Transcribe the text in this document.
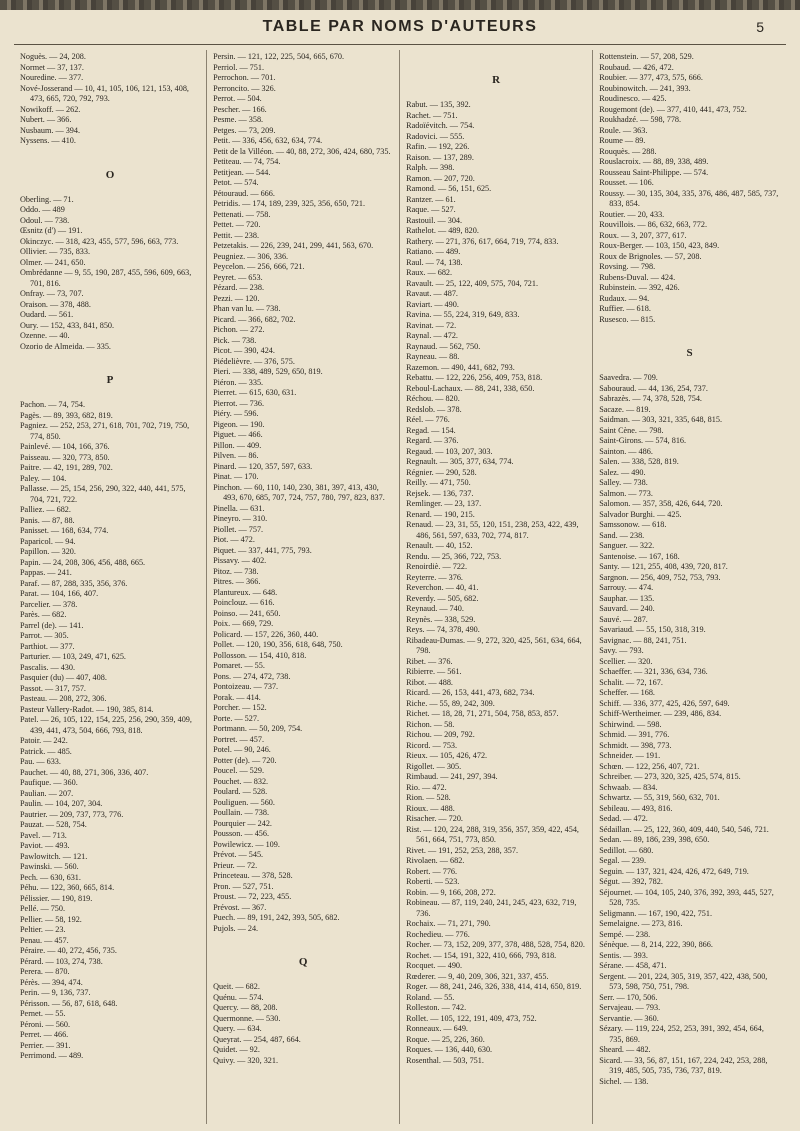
TABLE PAR NOMS D'AUTEURS	5

Noguès. — 24, 208.

Normet — 37, 137.

Nouredine. — 377.

Nové-Josserand — 10, 41, 105, 106, 121, 153, 408, 473, 665, 720, 792, 793.

Nowikoff. — 262.

Nubert. — 366.

Nusbaum. — 394.

Nyssens. — 410.

O

Oberling. — 71.

Oddo. — 489

Odoul. — 738.

Œsnitz (d') — 191.

Okinczyc. — 318, 423, 455, 577, 596, 663, 773.

Ollivier. — 735, 833.

Olmer. — 241, 650.

Ombrédanne — 9, 55, 190, 287, 455, 596, 609, 663, 701, 816.

Onfray. — 73, 707.

Oraison. — 378, 488.

Oudard. — 561.

Oury. — 152, 433, 841, 850.

Ozenne. — 40.

Ozorio de Almeida. — 335.

P

Pachon. — 74, 754.

Pagès. — 89, 393, 682, 819.

Pagniez. — 252, 253, 271, 618, 701, 702, 719, 750, 774, 850.

Painlevé. — 104, 166, 376.

Paisseau. — 320, 773, 850.

Paitre. — 42, 191, 289, 702.

Paley. — 104.

Pallasse. — 25, 154, 256, 290, 322, 440, 441, 575, 704, 721, 722.

Palliez. — 682.

Panis. — 87, 88.

Panisset. — 168, 634, 774.

Paparicol. — 94.

Papillon. — 320.

Papin. — 24, 208, 306, 456, 488, 665.

Pappas. — 241.

Paraf. — 87, 288, 335, 356, 376.

Parat. — 104, 166, 407.

Parcelier. — 378.

Parès. — 682.

Parrel (de). — 141.

Parrot. — 305.

Parthiot. — 377.

Parturier. — 103, 249, 471, 625.

Pascalis. — 430.

Pasquier (du) — 407, 408.

Passot. — 317, 757.

Pasteau. — 208, 272, 306.

Pasteur Vallery-Radot. — 190, 385, 814.

Patel. — 26, 105, 122, 154, 225, 256, 290, 359, 409, 439, 441, 473, 504, 666, 793, 818.

Patoir. — 242.

Patrick. — 485.

Pau. — 633.

Pauchet. — 40, 88, 271, 306, 336, 407.

Paufique. — 360.

Paulian. — 207.

Paulin. — 104, 207, 304.

Pautrier. — 209, 737, 773, 776.

Pauzat. — 528, 754.

Pavel. — 713.

Paviot. — 493.

Pawlowitch. — 121.

Pawinski. — 560.

Pech. — 630, 631.

Péhu. — 122, 360, 665, 814.

Pélissier. — 190, 819.

Pellé. — 750.

Pellier. — 58, 192.

Peltier. — 23.

Penau. — 457.

Péraire. — 40, 272, 456, 735.

Pérard. — 103, 274, 738.

Perera. — 870.

Pérès. — 394, 474.

Perin. — 9, 136, 737.

Périsson. — 56, 87, 618, 648.

Pernet. — 55.

Péroni. — 560.

Perret. — 466.

Perrier. — 391.

Perrimond. — 489.

Persin. — 121, 122, 225, 504, 665, 670.

Perriol. — 751.

Perrochon. — 701.

Perroncito. — 326.

Perrot. — 504.

Pescher. — 166.

Pesme. — 358.

Petges. — 73, 209.

Petit. — 336, 456, 632, 634, 774.

Petit de la Villéon. — 40, 88, 272, 306, 424, 680, 735.

Petiteau. — 74, 754.

Petitjean. — 544.

Petot. — 574.

Pétouraud. — 666.

Petridis. — 174, 189, 239, 325, 356, 650, 721.

Pettenati. — 758.

Pettet. — 720.

Pettit. — 238.

Petzetakis. — 226, 239, 241, 299, 441, 563, 670.

Peugniez. — 306, 336.

Peycelon. — 256, 666, 721.

Peyret. — 653.

Pézard. — 238.

Pezzi. — 120.

Phan van lu. — 738.

Picard. — 366, 682, 702.

Pichon. — 272.

Pick. — 738.

Picot. — 390, 424.

Piédelièvre. — 376, 575.

Pieri. — 338, 489, 529, 650, 819.

Piéron. — 335.

Pierret. — 615, 630, 631.

Pierrot. — 736.

Piéry. — 596.

Pigeon. — 190.

Piguet. — 466.

Pillon. — 409.

Pilven. — 86.

Pinard. — 120, 357, 597, 633.

Pinat. — 170.

Pinchon. — 60, 110, 140, 230, 381, 397, 413, 430, 493, 670, 685, 707, 724, 757, 780, 797, 823, 837.

Pinella. — 631.

Pineyro. — 310.

Piollet. — 757.

Piot. — 472.

Piquet. — 337, 441, 775, 793.

Pissavy. — 402.

Pitoz. — 738.

Pitres. — 366.

Plantureux. — 648.

Poinclouz. — 616.

Poinso. — 241, 650.

Poix. — 669, 729.

Policard. — 157, 226, 360, 440.

Pollet. — 120, 190, 356, 618, 648, 750.

Pollosson. — 154, 410, 818.

Pomaret. — 55.

Pons. — 274, 472, 738.

Pontoizeau. — 737.

Porak. — 414.

Porcher. — 152.

Porte. — 527.

Portmann. — 50, 209, 754.

Portret. — 457.

Potel. — 90, 246.

Potter (de). — 720.

Poucel. — 529.

Pouchet. — 832.

Poulard. — 528.

Pouliguen. — 560.

Poullain. — 738.

Pourquier — 242.

Pousson. — 456.

Powilewicz. — 109.

Prévot. — 545.

Prieur. — 72.

Princeteau. — 378, 528.

Pron. — 527, 751.

Proust. — 72, 223, 455.

Prévost. — 367.

Puech. — 89, 191, 242, 393, 505, 682.

Pujols. — 24.

Q

Queit. — 682.

Quénu. — 574.

Quercy. — 88, 208.

Quermonne. — 530.

Query. — 634.

Queyrat. — 254, 487, 664.

Quidet. — 92.

Quivy. — 320, 321.

R

Rabut. — 135, 392.

Rachet. — 751.

Radoïévitch. — 754.

Radovici. — 555.

Rafin. — 192, 226.

Raison. — 137, 289.

Ralph. — 398.

Ramon. — 207, 720.

Ramond. — 56, 151, 625.

Rantzer. — 61.

Raque. — 527.

Rastouil. — 304.

Rathelot. — 489, 820.

Rathery. — 271, 376, 617, 664, 719, 774, 833.

Ratiano. — 489.

Raul. — 74, 138.

Raux. — 682.

Ravault. — 25, 122, 409, 575, 704, 721.

Ravaut. — 487.

Raviart. — 490.

Ravina. — 55, 224, 319, 649, 833.

Ravinat. — 72.

Raynal. — 472.

Raynaud. — 562, 750.

Rayneau. — 88.

Razemon. — 490, 441, 682, 793.

Rebattu. — 122, 226, 256, 409, 753, 818.

Reboul-Lachaux. — 88, 241, 338, 650.

Réchou. — 820.

Redslob. — 378.

Réel. — 776.

Regad. — 154.

Regard. — 376.

Regaud. — 103, 207, 303.

Regnault. — 305, 377, 634, 774.

Régnier. — 290, 528.

Reilly. — 471, 750.

Rejsek. — 136, 737.

Remlinger. — 23, 137.

Renard. — 190, 215.

Renaud. — 23, 31, 55, 120, 151, 238, 253, 422, 439, 486, 561, 597, 633, 702, 774, 817.

Renault. — 40, 152.

Rendu. — 25, 366, 722, 753.

Renoirdiè. — 722.

Reyterre. — 376.

Reverchon. — 40, 41.

Reverdy. — 505, 682.

Reynaud. — 740.

Reynès. — 338, 529.

Reys. — 74, 378, 490.

Ribadeau-Dumas. — 9, 272, 320, 425, 561, 634, 664, 798.

Ribet. — 376.

Ribierre. — 561.

Ribot. — 488.

Ricard. — 26, 153, 441, 473, 682, 734.

Riche. — 55, 89, 242, 309.

Richet. — 18, 28, 71, 271, 504, 758, 853, 857.

Richon. — 58.

Richou. — 209, 792.

Ricord. — 753.

Rieux. — 105, 426, 472.

Rigollet. — 305.

Rimbaud. — 241, 297, 394.

Rio. — 472.

Rion. — 528.

Rioux. — 488.

Risacher. — 720.

Rist. — 120, 224, 288, 319, 356, 357, 359, 422, 454, 561, 664, 751, 773, 850.

Rivet. — 191, 252, 253, 288, 357.

Rivolaen. — 682.

Robert. — 776.

Roberti. — 523.

Robin. — 9, 166, 208, 272.

Robineau. — 87, 119, 240, 241, 245, 423, 632, 719, 736.

Rochaix. — 71, 271, 790.

Rochedieu. — 776.

Rocher. — 73, 152, 209, 377, 378, 488, 528, 754, 820.

Rochet. — 154, 191, 322, 410, 666, 793, 818.

Rocquet. — 490.

Rœderer. — 9, 40, 209, 306, 321, 337, 455.

Roger. — 88, 241, 246, 326, 338, 414, 414, 650, 819.

Roland. — 55.

Rolleston. — 742.

Rollet. — 105, 122, 191, 409, 473, 752.

Ronneaux. — 649.

Roque. — 25, 226, 360.

Roques. — 136, 440, 630.

Rosenthal. — 503, 751.

Rottenstein. — 57, 208, 529.

Roubaud. — 426, 472.

Roubier. — 377, 473, 575, 666.

Roubinowitch. — 241, 393.

Roudinesco. — 425.

Rougemont (de). — 377, 410, 441, 473, 752.

Roukhadzé. — 598, 778.

Roule. — 363.

Roume — 89.

Rouquès. — 288.

Rouslacroix. — 88, 89, 338, 489.

Rousseau Saint-Philippe. — 574.

Rousset. — 106.

Roussy. — 30, 135, 304, 335, 376, 486, 487, 585, 737, 833, 854.

Routier. — 20, 433.

Rouvillois. — 86, 632, 663, 772.

Roux. — 3, 207, 377, 617.

Roux-Berger. — 103, 150, 423, 849.

Roux de Brignoles. — 57, 208.

Rovsing. — 798.

Rubens-Duval. — 424.

Rubinstein. — 392, 426.

Rudaux. — 94.

Ruffier. — 618.

Rusesco. — 815.

S

Saavedra. — 709.

Sabouraud. — 44, 136, 254, 737.

Sabrazès. — 74, 378, 528, 754.

Sacaze. — 819.

Saidman. — 303, 321, 335, 648, 815.

Saint Cène. — 798.

Saint-Girons. — 574, 816.

Sainton. — 486.

Salen. — 338, 528, 819.

Salez. — 490.

Salley. — 738.

Salmon. — 773.

Salomon. — 357, 358, 426, 644, 720.

Salvador Burghi. — 425.

Samssonow. — 618.

Sand. — 238.

Sanguer. — 322.

Santenoise. — 167, 168.

Santy. — 121, 255, 408, 439, 720, 817.

Sargnon. — 256, 409, 752, 753, 793.

Sarrouy. — 474.

Sauphar. — 135.

Sauvard. — 240.

Sauvé. — 287.

Savariaud. — 55, 150, 318, 319.

Savignac. — 88, 241, 751.

Savy. — 793.

Scellier. — 320.

Schaeffer. — 321, 336, 634, 736.

Schalit. — 72, 167.

Scheffer. — 168.

Schiff. — 336, 377, 425, 426, 597, 649.

Schiff-Wertheimer. — 239, 486, 834.

Schirwind. — 598.

Schmid. — 391, 776.

Schmidt. — 398, 773.

Schneider. — 191.

Schœn. — 122, 256, 407, 721.

Schreiber. — 273, 320, 325, 425, 574, 815.

Schwaab. — 834.

Schwartz. — 55, 319, 560, 632, 701.

Sebileau. — 493, 816.

Sedad. — 472.

Sédaillan. — 25, 122, 360, 409, 440, 540, 546, 721.

Sedan. — 89, 186, 239, 398, 650.

Sedillot. — 680.

Segal. — 239.

Seguin. — 137, 321, 424, 426, 472, 649, 719.

Ségut. — 392, 782.

Séjournet. — 104, 105, 240, 376, 392, 393, 445, 527, 528, 735.

Seligmann. — 167, 190, 422, 751.

Semelaigne. — 273, 816.

Sempé. — 238.

Sénèque. — 8, 214, 222, 390, 866.

Sentis. — 393.

Sérane. — 458, 471.

Sergent. — 201, 224, 305, 319, 357, 422, 438, 500, 573, 598, 750, 751, 798.

Serr. — 170, 506.

Servajeau. — 793.

Servantie. — 360.

Sézary. — 119, 224, 252, 253, 391, 392, 454, 664, 735, 869.

Sheard. — 482.

Sicard. — 33, 56, 87, 151, 167, 224, 242, 253, 288, 319, 485, 505, 735, 736, 737, 819.

Sichel. — 138.
